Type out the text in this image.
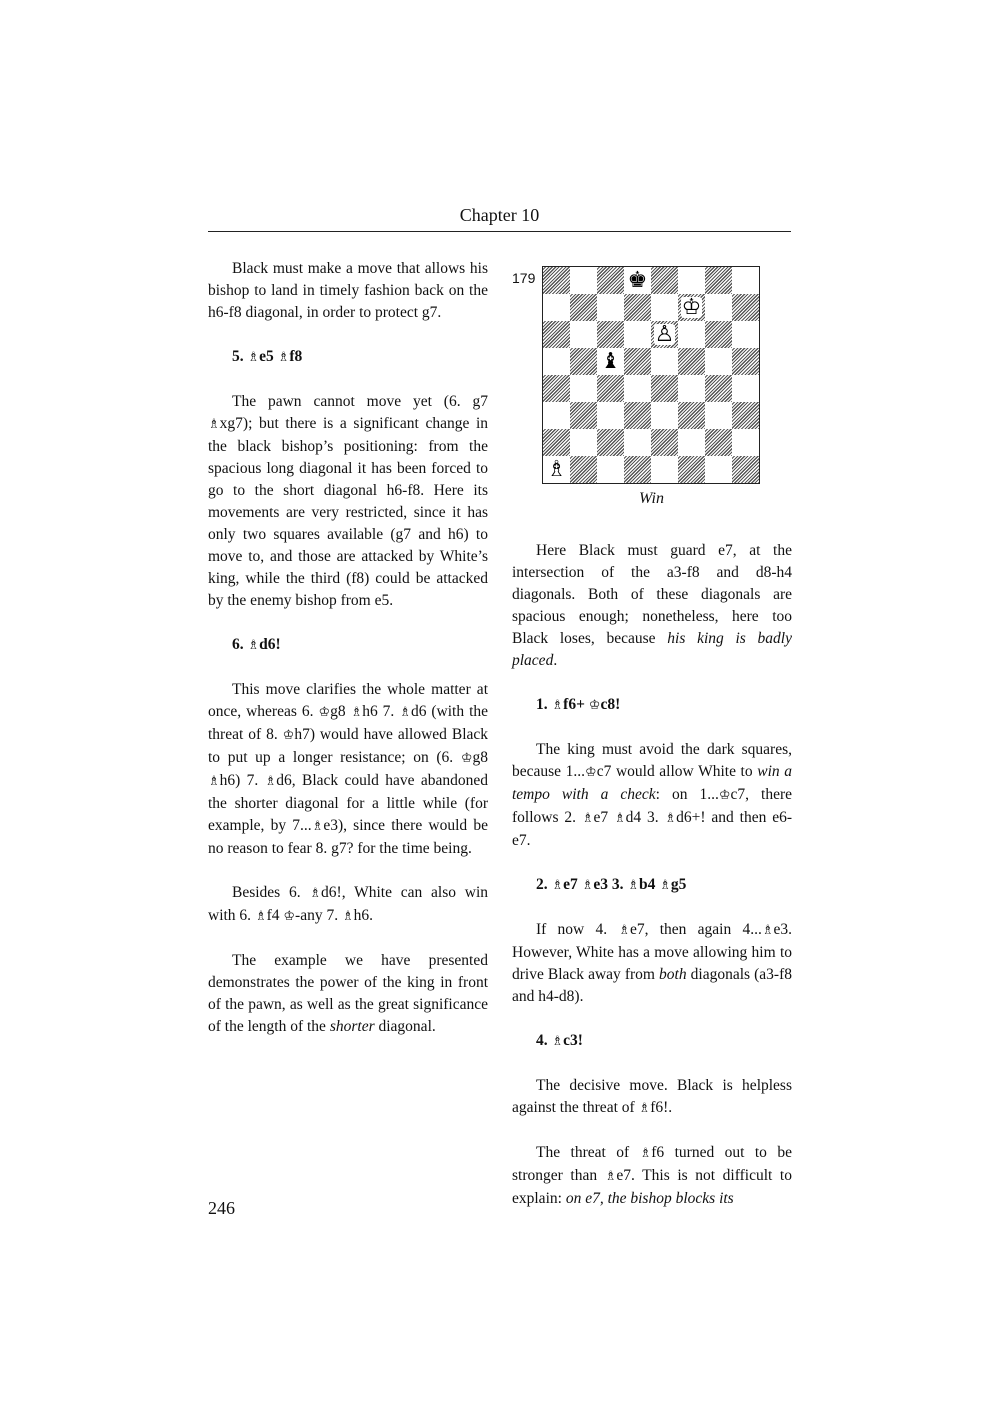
Chapter 10

Black must make a move that allows his bishop to land in timely fashion back on the h6-f8 diagonal, in order to protect g7.

5. ♗e5 ♗f8

The pawn cannot move yet (6. g7 ♗xg7); but there is a significant change in the black bishop’s positioning: from the spacious long diagonal it has been forced to go to the short diagonal h6-f8. Here its movements are very restricted, since it has only two squares available (g7 and h6) to move to, and those are attacked by White’s king, while the third (f8) could be attacked by the enemy bishop from e5.

6. ♗d6!

This move clarifies the whole matter at once, whereas 6. ♔g8 ♗h6 7. ♗d6 (with the threat of 8. ♔h7) would have allowed Black to put up a longer resistance; on (6. ♔g8 ♗h6) 7. ♗d6, Black could have abandoned the shorter diagonal for a little while (for example, by 7...♗e3), since there would be no reason to fear 8. g7? for the time being.

Besides 6. ♗d6!, White can also win with 6. ♗f4 ♔-any 7. ♗h6.

The example we have presented demonstrates the power of the king in front of the pawn, as well as the great significance of the length of the shorter diagonal.

179	♚
♔
♙
♝
♗
Win

Here Black must guard e7, at the intersection of the a3-f8 and d8-h4 diagonals. Both of these diagonals are spacious enough; nonetheless, here too Black loses, because his king is badly placed.

1. ♗f6+ ♔c8!

The king must avoid the dark squares, because 1...♔c7 would allow White to win a tempo with a check: on 1...♔c7, there follows 2. ♗e7 ♗d4 3. ♗d6+! and then e6-e7.

2. ♗e7 ♗e3 3. ♗b4 ♗g5

If now 4. ♗e7, then again 4...♗e3. However, White has a move allowing him to drive Black away from both diagonals (a3-f8 and h4-d8).

4. ♗c3!

The decisive move. Black is helpless against the threat of ♗f6!.

The threat of ♗f6 turned out to be stronger than ♗e7. This is not difficult to explain: on e7, the bishop blocks its

246
